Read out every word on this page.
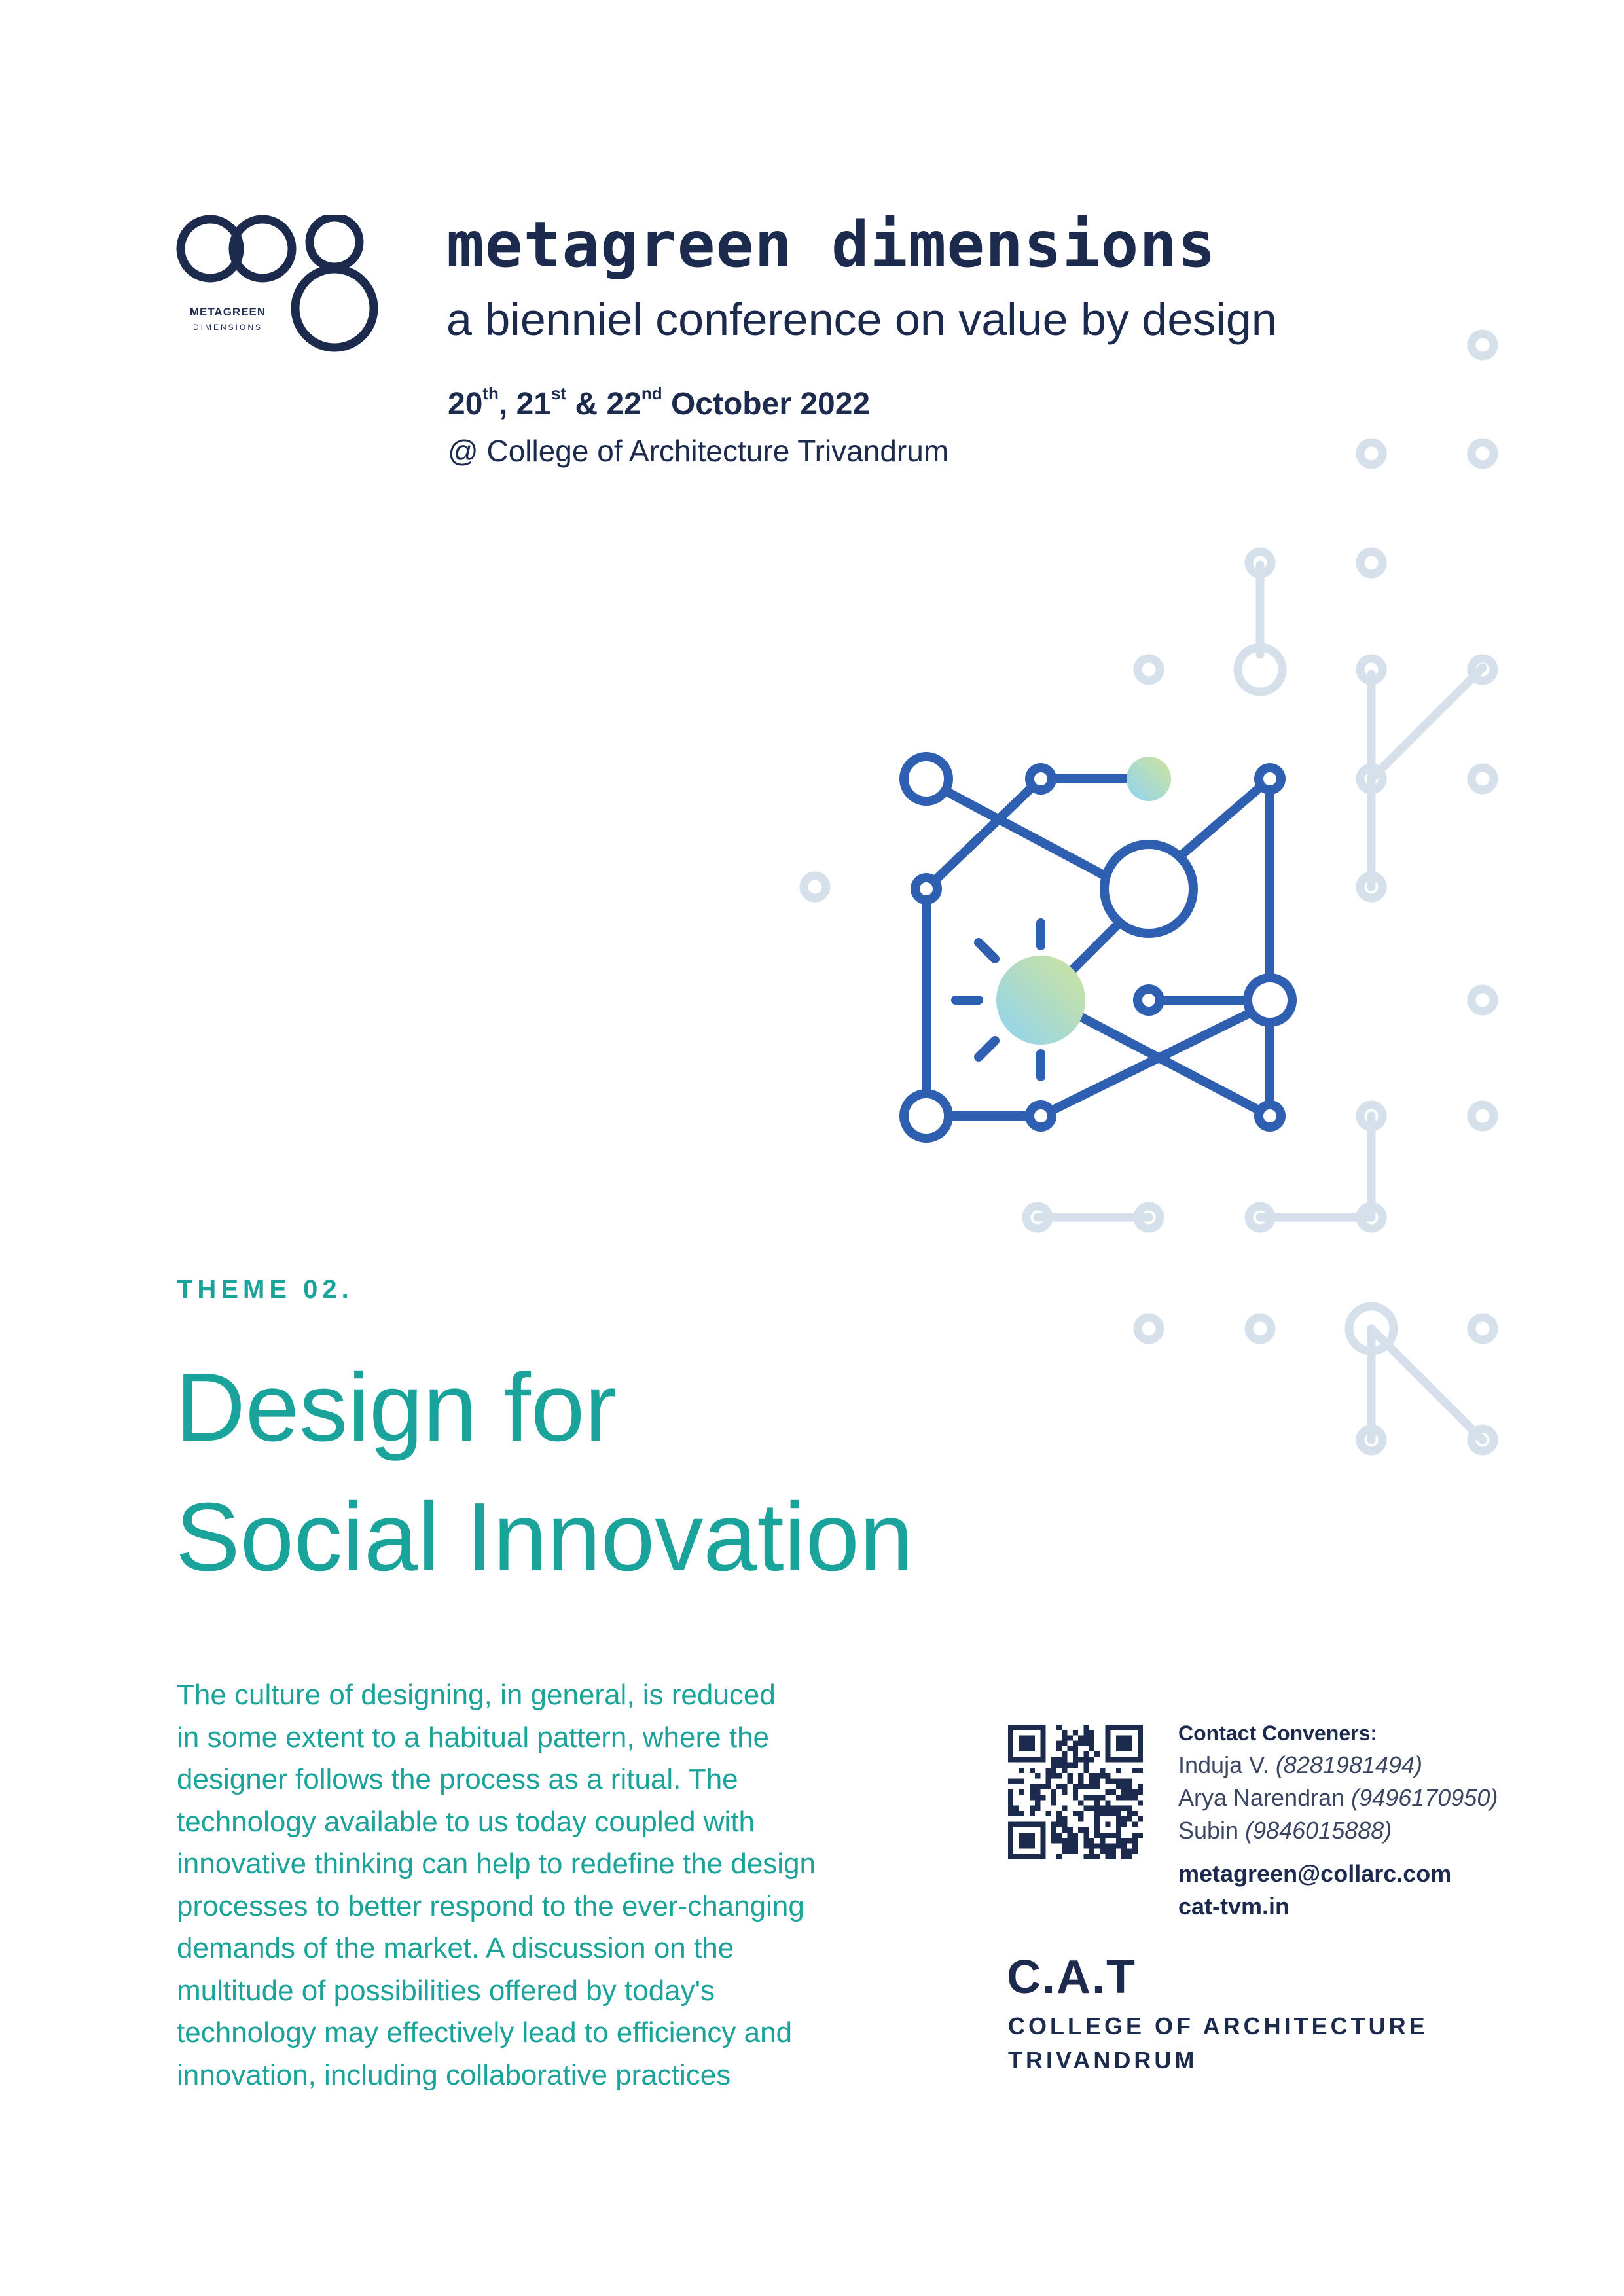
METAGREEN
DIMENSIONS
metagreen dimensions
a bienniel conference on value by design
20th, 21st & 22nd October 2022
@ College of Architecture Trivandrum
THEME 02.
Design for
Social Innovation
The culture of designing, in general, is reduced
in some extent to a habitual pattern, where the
designer follows the process as a ritual. The
technology available to us today coupled with
innovative thinking can help to redefine the design
processes to better respond to the ever-changing
demands of the market. A discussion on the
multitude of possibilities offered by today's
technology may effectively lead to efficiency and
innovation, including collaborative practices
Contact Conveners:
Induja V. (8281981494)
Arya Narendran (9496170950)
Subin (9846015888)
metagreen@collarc.com
cat-tvm.in
C.A.T
COLLEGE OF ARCHITECTURE
TRIVANDRUM
